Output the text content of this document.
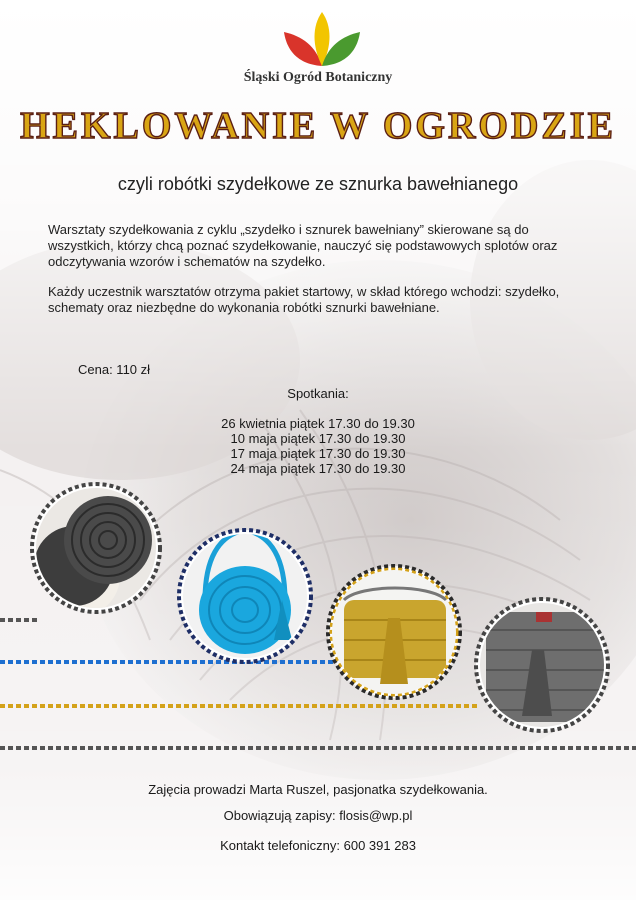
Śląski Ogród Botaniczny
HEKLOWANIE W OGRODZIE
czyli robótki szydełkowe ze sznurka bawełnianego
Warsztaty szydełkowania z cyklu „szydełko i sznurek bawełniany” skierowane są do wszystkich, którzy chcą poznać szydełkowanie, nauczyć się podstawowych splotów oraz odczytywania wzorów i schematów na szydełko.
Każdy uczestnik warsztatów otrzyma pakiet startowy, w skład którego wchodzi: szydełko, schematy oraz niezbędne do wykonania robótki sznurki bawełniane.
Cena: 110 zł
Spotkania:
26 kwietnia piątek 17.30 do 19.30
10 maja piątek 17.30 do 19.30
17 maja piątek 17.30 do 19.30
24 maja piątek 17.30 do 19.30
Zajęcia prowadzi Marta Ruszel, pasjonatka szydełkowania.
Obowiązują zapisy: flosis@wp.pl
Kontakt telefoniczny: 600 391 283
